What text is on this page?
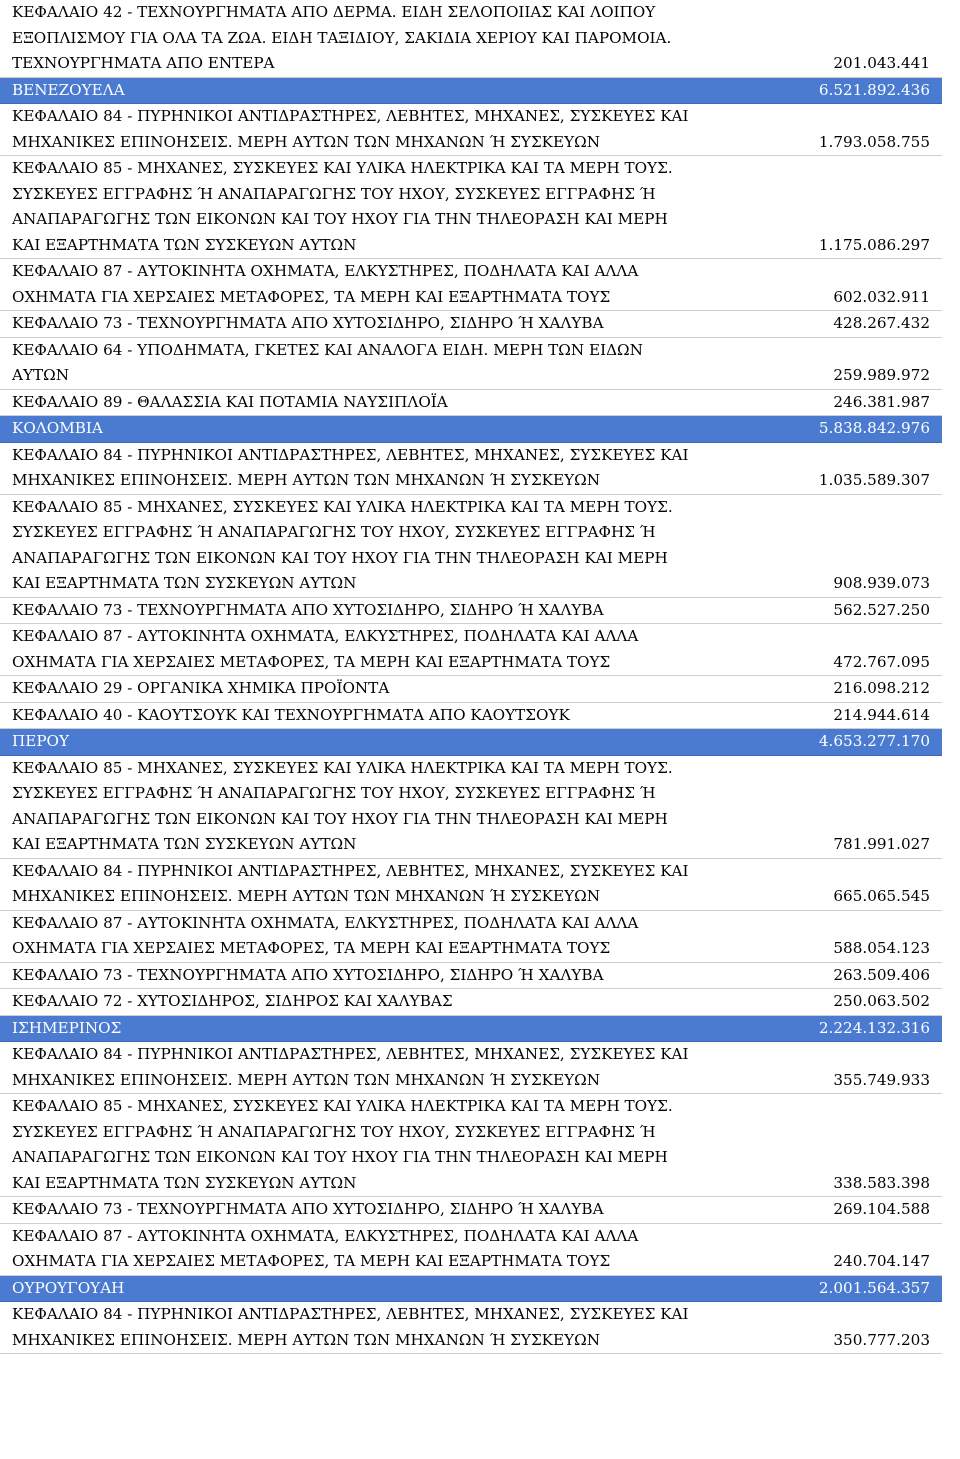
ΚΕΦΑΛΑΙΟ 42 - ΤΕΧΝΟΥΡΓΗΜΑΤΑ ΑΠΟ ΔΕΡΜΑ. ΕΙΔΗ ΣΕΛΟΠΟΙΙΑΣ ΚΑΙ ΛΟΙΠΟΥ
ΕΞΟΠΛΙΣΜΟΥ ΓΙΑ ΟΛΑ ΤΑ ΖΩΑ. ΕΙΔΗ ΤΑΞΙΔΙΟΥ, ΣΑΚΙΔΙΑ ΧΕΡΙΟΥ ΚΑΙ ΠΑΡΟΜΟΙΑ.
ΤΕΧΝΟΥΡΓΗΜΑΤΑ ΑΠΟ ΕΝΤΕΡΑ	201.043.441
ΒΕΝΕΖΟΥΕΛΑ	6.521.892.436
ΚΕΦΑΛΑΙΟ 84 - ΠΥΡΗΝΙΚΟΙ ΑΝΤΙΔΡΑΣΤΗΡΕΣ, ΛΕΒΗΤΕΣ, ΜΗΧΑΝΕΣ, ΣΥΣΚΕΥΕΣ ΚΑΙ
ΜΗΧΑΝΙΚΕΣ ΕΠΙΝΟΗΣΕΙΣ. ΜΕΡΗ ΑΥΤΩΝ ΤΩΝ ΜΗΧΑΝΩΝ Ή ΣΥΣΚΕΥΩΝ	1.793.058.755
ΚΕΦΑΛΑΙΟ 85 - ΜΗΧΑΝΕΣ, ΣΥΣΚΕΥΕΣ ΚΑΙ ΥΛΙΚΑ ΗΛΕΚΤΡΙΚΑ ΚΑΙ ΤΑ ΜΕΡΗ ΤΟΥΣ.
ΣΥΣΚΕΥΕΣ ΕΓΓΡΑΦΗΣ Ή ΑΝΑΠΑΡΑΓΩΓΗΣ ΤΟΥ ΗΧΟΥ, ΣΥΣΚΕΥΕΣ ΕΓΓΡΑΦΗΣ Ή
ΑΝΑΠΑΡΑΓΩΓΗΣ ΤΩΝ ΕΙΚΟΝΩΝ ΚΑΙ ΤΟΥ ΗΧΟΥ ΓΙΑ ΤΗΝ ΤΗΛΕΟΡΑΣΗ ΚΑΙ ΜΕΡΗ
ΚΑΙ ΕΞΑΡΤΗΜΑΤΑ ΤΩΝ ΣΥΣΚΕΥΩΝ ΑΥΤΩΝ	1.175.086.297
ΚΕΦΑΛΑΙΟ 87 - ΑΥΤΟΚΙΝΗΤΑ ΟΧΗΜΑΤΑ, ΕΛΚΥΣΤΗΡΕΣ, ΠΟΔΗΛΑΤΑ ΚΑΙ ΑΛΛΑ
ΟΧΗΜΑΤΑ ΓΙΑ ΧΕΡΣΑΙΕΣ ΜΕΤΑΦΟΡΕΣ, ΤΑ ΜΕΡΗ ΚΑΙ ΕΞΑΡΤΗΜΑΤΑ ΤΟΥΣ	602.032.911
ΚΕΦΑΛΑΙΟ 73 - ΤΕΧΝΟΥΡΓΗΜΑΤΑ ΑΠΟ ΧΥΤΟΣΙΔΗΡΟ, ΣΙΔΗΡΟ Ή ΧΑΛΥΒΑ	428.267.432
ΚΕΦΑΛΑΙΟ 64 - ΥΠΟΔΗΜΑΤΑ, ΓΚΕΤΕΣ ΚΑΙ ΑΝΑΛΟΓΑ ΕΙΔΗ. ΜΕΡΗ ΤΩΝ ΕΙΔΩΝ
ΑΥΤΩΝ	259.989.972
ΚΕΦΑΛΑΙΟ 89 - ΘΑΛΑΣΣΙΑ ΚΑΙ ΠΟΤΑΜΙΑ ΝΑΥΣΙΠΛΟΪΑ	246.381.987
ΚΟΛΟΜΒΙΑ	5.838.842.976
ΚΕΦΑΛΑΙΟ 84 - ΠΥΡΗΝΙΚΟΙ ΑΝΤΙΔΡΑΣΤΗΡΕΣ, ΛΕΒΗΤΕΣ, ΜΗΧΑΝΕΣ, ΣΥΣΚΕΥΕΣ ΚΑΙ
ΜΗΧΑΝΙΚΕΣ ΕΠΙΝΟΗΣΕΙΣ. ΜΕΡΗ ΑΥΤΩΝ ΤΩΝ ΜΗΧΑΝΩΝ Ή ΣΥΣΚΕΥΩΝ	1.035.589.307
ΚΕΦΑΛΑΙΟ 85 - ΜΗΧΑΝΕΣ, ΣΥΣΚΕΥΕΣ ΚΑΙ ΥΛΙΚΑ ΗΛΕΚΤΡΙΚΑ ΚΑΙ ΤΑ ΜΕΡΗ ΤΟΥΣ.
ΣΥΣΚΕΥΕΣ ΕΓΓΡΑΦΗΣ Ή ΑΝΑΠΑΡΑΓΩΓΗΣ ΤΟΥ ΗΧΟΥ, ΣΥΣΚΕΥΕΣ ΕΓΓΡΑΦΗΣ Ή
ΑΝΑΠΑΡΑΓΩΓΗΣ ΤΩΝ ΕΙΚΟΝΩΝ ΚΑΙ ΤΟΥ ΗΧΟΥ ΓΙΑ ΤΗΝ ΤΗΛΕΟΡΑΣΗ ΚΑΙ ΜΕΡΗ
ΚΑΙ ΕΞΑΡΤΗΜΑΤΑ ΤΩΝ ΣΥΣΚΕΥΩΝ ΑΥΤΩΝ	908.939.073
ΚΕΦΑΛΑΙΟ 73 - ΤΕΧΝΟΥΡΓΗΜΑΤΑ ΑΠΟ ΧΥΤΟΣΙΔΗΡΟ, ΣΙΔΗΡΟ Ή ΧΑΛΥΒΑ	562.527.250
ΚΕΦΑΛΑΙΟ 87 - ΑΥΤΟΚΙΝΗΤΑ ΟΧΗΜΑΤΑ, ΕΛΚΥΣΤΗΡΕΣ, ΠΟΔΗΛΑΤΑ ΚΑΙ ΑΛΛΑ
ΟΧΗΜΑΤΑ ΓΙΑ ΧΕΡΣΑΙΕΣ ΜΕΤΑΦΟΡΕΣ, ΤΑ ΜΕΡΗ ΚΑΙ ΕΞΑΡΤΗΜΑΤΑ ΤΟΥΣ	472.767.095
ΚΕΦΑΛΑΙΟ 29 - ΟΡΓΑΝΙΚΑ ΧΗΜΙΚΑ ΠΡΟΪΟΝΤΑ	216.098.212
ΚΕΦΑΛΑΙΟ 40 - ΚΑΟΥΤΣΟΥΚ ΚΑΙ ΤΕΧΝΟΥΡΓΗΜΑΤΑ ΑΠΟ ΚΑΟΥΤΣΟΥΚ	214.944.614
ΠΕΡΟΥ	4.653.277.170
ΚΕΦΑΛΑΙΟ 85 - ΜΗΧΑΝΕΣ, ΣΥΣΚΕΥΕΣ ΚΑΙ ΥΛΙΚΑ ΗΛΕΚΤΡΙΚΑ ΚΑΙ ΤΑ ΜΕΡΗ ΤΟΥΣ.
ΣΥΣΚΕΥΕΣ ΕΓΓΡΑΦΗΣ Ή ΑΝΑΠΑΡΑΓΩΓΗΣ ΤΟΥ ΗΧΟΥ, ΣΥΣΚΕΥΕΣ ΕΓΓΡΑΦΗΣ Ή
ΑΝΑΠΑΡΑΓΩΓΗΣ ΤΩΝ ΕΙΚΟΝΩΝ ΚΑΙ ΤΟΥ ΗΧΟΥ ΓΙΑ ΤΗΝ ΤΗΛΕΟΡΑΣΗ ΚΑΙ ΜΕΡΗ
ΚΑΙ ΕΞΑΡΤΗΜΑΤΑ ΤΩΝ ΣΥΣΚΕΥΩΝ ΑΥΤΩΝ	781.991.027
ΚΕΦΑΛΑΙΟ 84 - ΠΥΡΗΝΙΚΟΙ ΑΝΤΙΔΡΑΣΤΗΡΕΣ, ΛΕΒΗΤΕΣ, ΜΗΧΑΝΕΣ, ΣΥΣΚΕΥΕΣ ΚΑΙ
ΜΗΧΑΝΙΚΕΣ ΕΠΙΝΟΗΣΕΙΣ. ΜΕΡΗ ΑΥΤΩΝ ΤΩΝ ΜΗΧΑΝΩΝ Ή ΣΥΣΚΕΥΩΝ	665.065.545
ΚΕΦΑΛΑΙΟ 87 - ΑΥΤΟΚΙΝΗΤΑ ΟΧΗΜΑΤΑ, ΕΛΚΥΣΤΗΡΕΣ, ΠΟΔΗΛΑΤΑ ΚΑΙ ΑΛΛΑ
ΟΧΗΜΑΤΑ ΓΙΑ ΧΕΡΣΑΙΕΣ ΜΕΤΑΦΟΡΕΣ, ΤΑ ΜΕΡΗ ΚΑΙ ΕΞΑΡΤΗΜΑΤΑ ΤΟΥΣ	588.054.123
ΚΕΦΑΛΑΙΟ 73 - ΤΕΧΝΟΥΡΓΗΜΑΤΑ ΑΠΟ ΧΥΤΟΣΙΔΗΡΟ, ΣΙΔΗΡΟ Ή ΧΑΛΥΒΑ	263.509.406
ΚΕΦΑΛΑΙΟ 72 - ΧΥΤΟΣΙΔΗΡΟΣ, ΣΙΔΗΡΟΣ ΚΑΙ ΧΑΛΥΒΑΣ	250.063.502
ΙΣΗΜΕΡΙΝΟΣ	2.224.132.316
ΚΕΦΑΛΑΙΟ 84 - ΠΥΡΗΝΙΚΟΙ ΑΝΤΙΔΡΑΣΤΗΡΕΣ, ΛΕΒΗΤΕΣ, ΜΗΧΑΝΕΣ, ΣΥΣΚΕΥΕΣ ΚΑΙ
ΜΗΧΑΝΙΚΕΣ ΕΠΙΝΟΗΣΕΙΣ. ΜΕΡΗ ΑΥΤΩΝ ΤΩΝ ΜΗΧΑΝΩΝ Ή ΣΥΣΚΕΥΩΝ	355.749.933
ΚΕΦΑΛΑΙΟ 85 - ΜΗΧΑΝΕΣ, ΣΥΣΚΕΥΕΣ ΚΑΙ ΥΛΙΚΑ ΗΛΕΚΤΡΙΚΑ ΚΑΙ ΤΑ ΜΕΡΗ ΤΟΥΣ.
ΣΥΣΚΕΥΕΣ ΕΓΓΡΑΦΗΣ Ή ΑΝΑΠΑΡΑΓΩΓΗΣ ΤΟΥ ΗΧΟΥ, ΣΥΣΚΕΥΕΣ ΕΓΓΡΑΦΗΣ Ή
ΑΝΑΠΑΡΑΓΩΓΗΣ ΤΩΝ ΕΙΚΟΝΩΝ ΚΑΙ ΤΟΥ ΗΧΟΥ ΓΙΑ ΤΗΝ ΤΗΛΕΟΡΑΣΗ ΚΑΙ ΜΕΡΗ
ΚΑΙ ΕΞΑΡΤΗΜΑΤΑ ΤΩΝ ΣΥΣΚΕΥΩΝ ΑΥΤΩΝ	338.583.398
ΚΕΦΑΛΑΙΟ 73 - ΤΕΧΝΟΥΡΓΗΜΑΤΑ ΑΠΟ ΧΥΤΟΣΙΔΗΡΟ, ΣΙΔΗΡΟ Ή ΧΑΛΥΒΑ	269.104.588
ΚΕΦΑΛΑΙΟ 87 - ΑΥΤΟΚΙΝΗΤΑ ΟΧΗΜΑΤΑ, ΕΛΚΥΣΤΗΡΕΣ, ΠΟΔΗΛΑΤΑ ΚΑΙ ΑΛΛΑ
ΟΧΗΜΑΤΑ ΓΙΑ ΧΕΡΣΑΙΕΣ ΜΕΤΑΦΟΡΕΣ, ΤΑ ΜΕΡΗ ΚΑΙ ΕΞΑΡΤΗΜΑΤΑ ΤΟΥΣ	240.704.147
ΟΥΡΟΥΓΟΥΑΗ	2.001.564.357
ΚΕΦΑΛΑΙΟ 84 - ΠΥΡΗΝΙΚΟΙ ΑΝΤΙΔΡΑΣΤΗΡΕΣ, ΛΕΒΗΤΕΣ, ΜΗΧΑΝΕΣ, ΣΥΣΚΕΥΕΣ ΚΑΙ
ΜΗΧΑΝΙΚΕΣ ΕΠΙΝΟΗΣΕΙΣ. ΜΕΡΗ ΑΥΤΩΝ ΤΩΝ ΜΗΧΑΝΩΝ Ή ΣΥΣΚΕΥΩΝ	350.777.203
